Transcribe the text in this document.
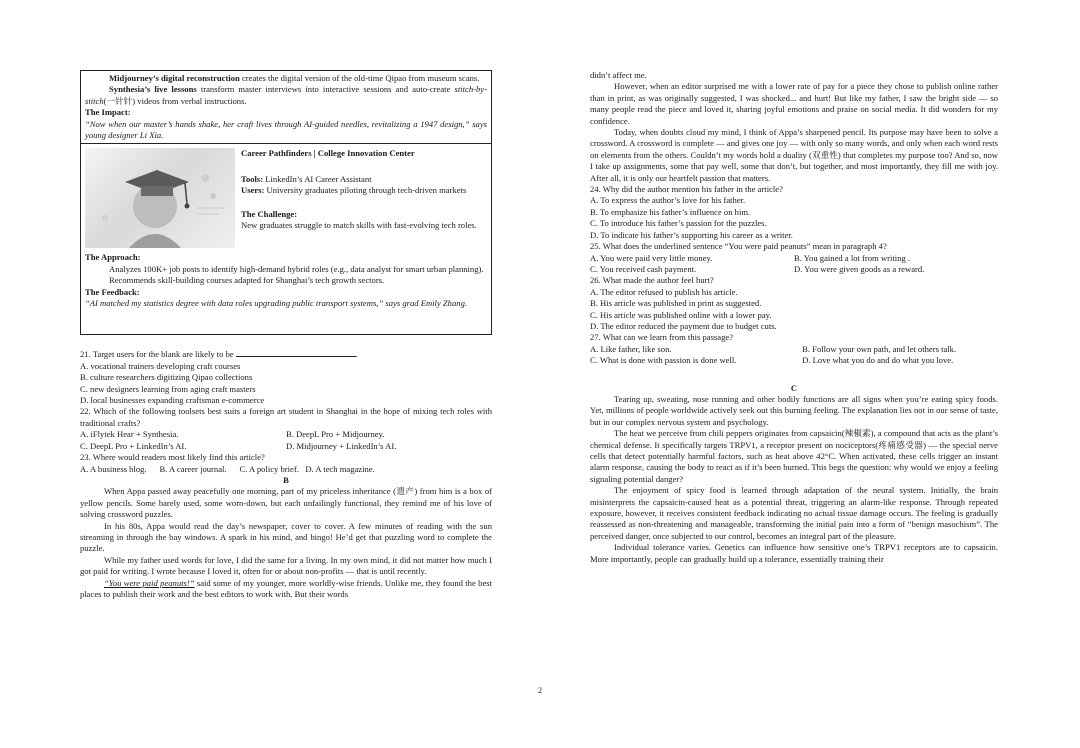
Midjourney’s digital reconstruction creates the digital version of the old-time Qipao from museum scans.

Synthesia’s live lessons transform master interviews into interactive sessions and auto-create stitch-by-stitch(一针针) videos from verbal instructions.

The Impact:

“Now when our master’s hands shake, her craft lives through AI-guided needles, revitalizing a 1947 design,” says young designer Li Xia.

Career Pathfinders | College Innovation Center

Tools: LinkedIn’s AI Career Assistant

Users: University graduates piloting through tech-driven markets

The Challenge:

New graduates struggle to match skills with fast-evolving tech roles.

The Approach:

Analyzes 100K+ job posts to identify high-demand hybrid roles (e.g., data analyst for smart urban planning).

Recommends skill-building courses adapted for Shanghai’s tech growth sectors.

The Feedback:

“AI matched my statistics degree with data roles upgrading public transport systems,” says grad Emily Zhang.

21. Target users for the blank are likely to be	.

A. vocational trainers developing craft courses

B. culture researchers digitizing Qipao collections

C. new designers learning from aging craft masters

D. local businesses expanding craftsman e-commerce

22. Which of the following toolsets best suits a foreign art student in Shanghai in the hope of mixing tech roles with traditional crafts?

A. iFlytek Hear + Synthesia.	B. DeepL Pro + Midjourney.
C. DeepL Pro + LinkedIn’s AI.	D. Midjourney + LinkedIn’s AI.

23. Where would readers most likely find this article?

A. A business blog.      B. A career journal.      C. A policy brief.   D. A tech magazine.

B

When Appa passed away peacefully one morning, part of my priceless inheritance (遗产) from him is a box of yellow pencils. Some barely used, some worn-down, but each unfailingly functional, they remind me of his love of solving crossword puzzles.

In his 80s, Appa would read the day’s newspaper, cover to cover. A few minutes of reading with the sun streaming in through the bay windows. A spark in his mind, and bingo! He’d get that puzzling word to complete the puzzle.

While my father used words for love, I did the same for a living. In my own mind, it did not matter how much I got paid for writing. I wrote because I loved it, often for or about non-profits — that is until recently.

“You were paid peanuts!” said some of my younger, more worldly-wise friends. Unlike me, they found the best places to publish their work and the best editors to work with. But their words

didn’t affect me.

However, when an editor surprised me with a lower rate of pay for a piece they chose to publish online rather than in print, as was originally suggested, I was shocked... and hurt! But like my father, I saw the bright side — so many people read the piece and loved it, sharing joyful emotions and praise on social media. It did wonders for my confidence.

Today, when doubts cloud my mind, I think of Appa’s sharpened pencil. Its purpose may have been to solve a crossword. A crossword is complete — and gives one joy — with only so many words, and only when each word rests on elements from the others. Couldn’t my words hold a duality (双重性) that completes my purpose too? And so, now I take up assignments, some that pay well, some that don’t, but together, and most importantly, they fill me with joy. After all, it is only our heartfelt passion that matters.

24. Why did the author mention his father in the article?

A. To express the author’s love for his father.

B. To emphasize his father’s influence on him.

C. To introduce his father’s passion for the puzzles.

D. To indicate his father’s supporting his career as a writer.

25. What does the underlined sentence “You were paid peanuts” mean in paragraph 4?

A. You were paid very little money.	B. You gained a lot from writing .
C. You received cash payment.	D. You were given goods as a reward.

26. What made the author feel hurt?

A. The editor refused to publish his article.

B. His article was published in print as suggested.

C. His article was published online with a lower pay.

D. The editor reduced the payment due to budget cuts.

27. What can we learn from this passage?

A. Like father, like son.	B. Follow your own path, and let others talk.
C. What is done with passion is done well.	D. Love what you do and do what you love.

C

Tearing up, sweating, nose running and other bodily functions are all signs when you’re eating spicy foods. Yet, millions of people worldwide actively seek out this burning feeling. The explanation lies not in our sense of taste, but in our complex nervous system and psychology.

The heat we perceive from chili peppers originates from capsaicin(辣椒素), a compound that acts as the plant’s chemical defense. It specifically targets TRPV1, a receptor present on nociceptors(疼痛感受器) — the special nerve cells that detect potentially harmful factors, such as heat above 42°C. When activated, these cells trigger an instant alarm response, causing the body to react as if it’s been burned. This begs the question: why would we enjoy a feeling signaling potential danger?

The enjoyment of spicy food is learned through adaptation of the neural system. Initially, the brain misinterprets the capsaicin-caused heat as a potential threat, triggering an alarm-like response. Through repeated exposure, however, it receives consistent feedback indicating no actual tissue damage occurs. The feeling is gradually reassessed as non-threatening and manageable, transforming the initial pain into a form of “benign masochism”. The perceived danger, once subjected to our control, becomes an integral part of the pleasure.

Individual tolerance varies. Genetics can influence how sensitive one’s TRPV1 receptors are to capsaicin. More importantly, people can gradually build up a tolerance, essentially training their

2
